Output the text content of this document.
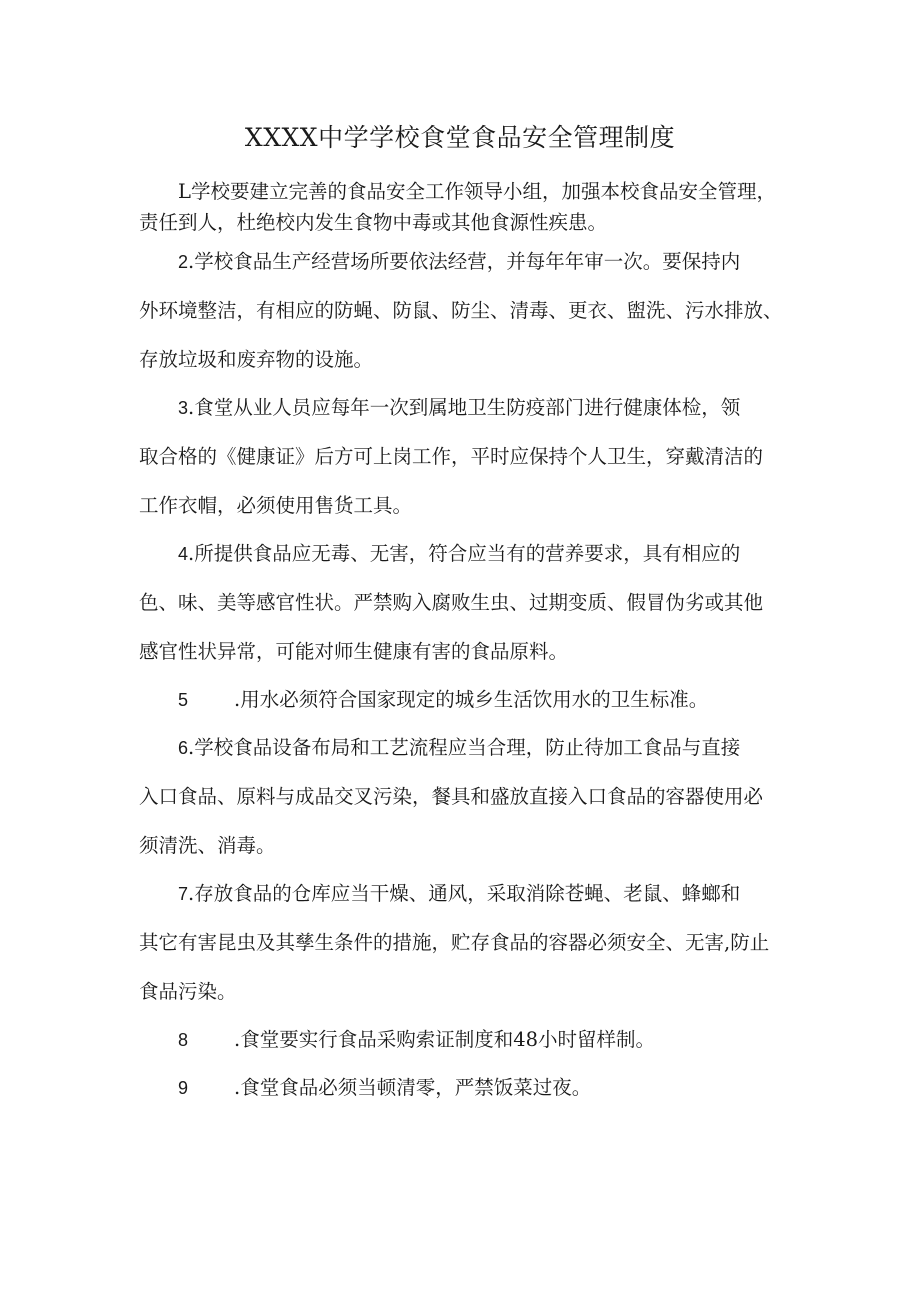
XXXX中学学校食堂食品安全管理制度
L学校要建立完善的食品安全工作领导小组，加强本校食品安全管理，
责任到人，杜绝校内发生食物中毒或其他食源性疾患。
2.学校食品生产经营场所要依法经营，并每年年审一次。要保持内
外环境整洁，有相应的防蝇、防鼠、防尘、清毒、更衣、盥洗、污水排放、
存放垃圾和废弃物的设施。
3.食堂从业人员应每年一次到属地卫生防疫部门进行健康体检，领
取合格的《健康证》后方可上岗工作，平时应保持个人卫生，穿戴清洁的
工作衣帽，必须使用售货工具。
4.所提供食品应无毒、无害，符合应当有的营养要求，具有相应的
色、味、美等感官性状。严禁购入腐败生虫、过期变质、假冒伪劣或其他
感官性状异常，可能对师生健康有害的食品原料。
5 .用水必须符合国家现定的城乡生活饮用水的卫生标准。
6.学校食品设备布局和工艺流程应当合理，防止待加工食品与直接
入口食品、原料与成品交叉污染，餐具和盛放直接入口食品的容器使用必
须清洗、消毒。
7.存放食品的仓库应当干燥、通风，采取消除苍蝇、老鼠、蜂螂和
其它有害昆虫及其孳生条件的措施，贮存食品的容器必须安全、无害,防止
食品污染。
8 .食堂要实行食品采购索证制度和48小时留样制。
9 .食堂食品必须当顿清零，严禁饭菜过夜。
